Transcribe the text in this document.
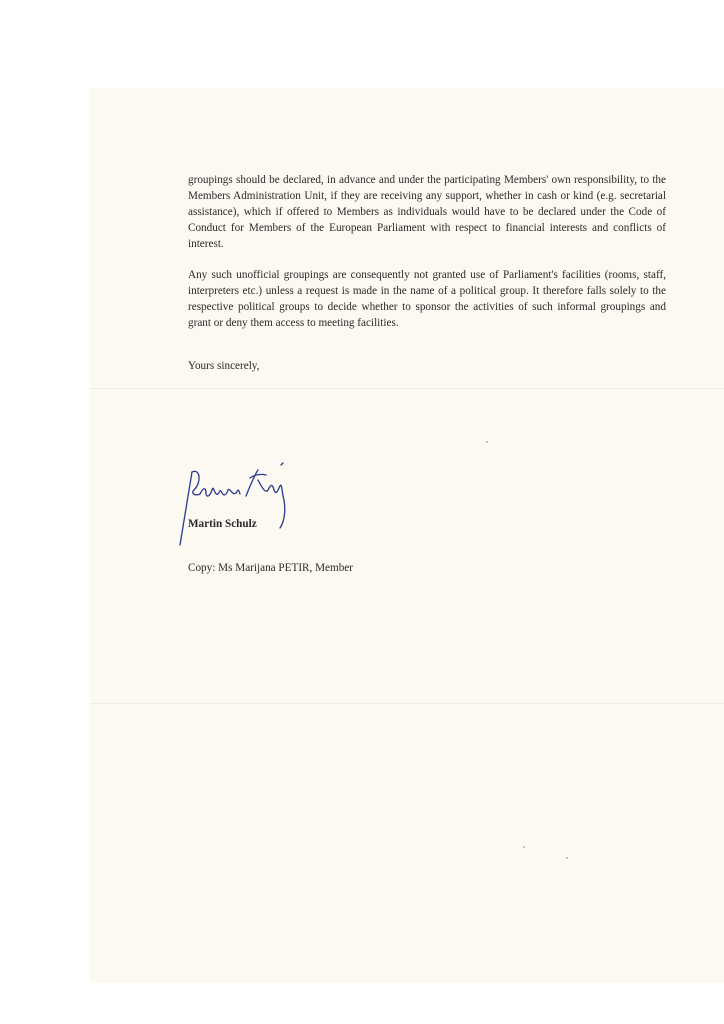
groupings should be declared, in advance and under the participating Members' own responsibility, to the Members Administration Unit, if they are receiving any support, whether in cash or kind (e.g. secretarial assistance), which if offered to Members as individuals would have to be declared under the Code of Conduct for Members of the European Parliament with respect to financial interests and conflicts of interest.

Any such unofficial groupings are consequently not granted use of Parliament's facilities (rooms, staff, interpreters etc.) unless a request is made in the name of a political group. It therefore falls solely to the respective political groups to decide whether to sponsor the activities of such informal groupings and grant or deny them access to meeting facilities.

Yours sincerely,

Martin Schulz
Copy: Ms Marijana PETIR, Member
